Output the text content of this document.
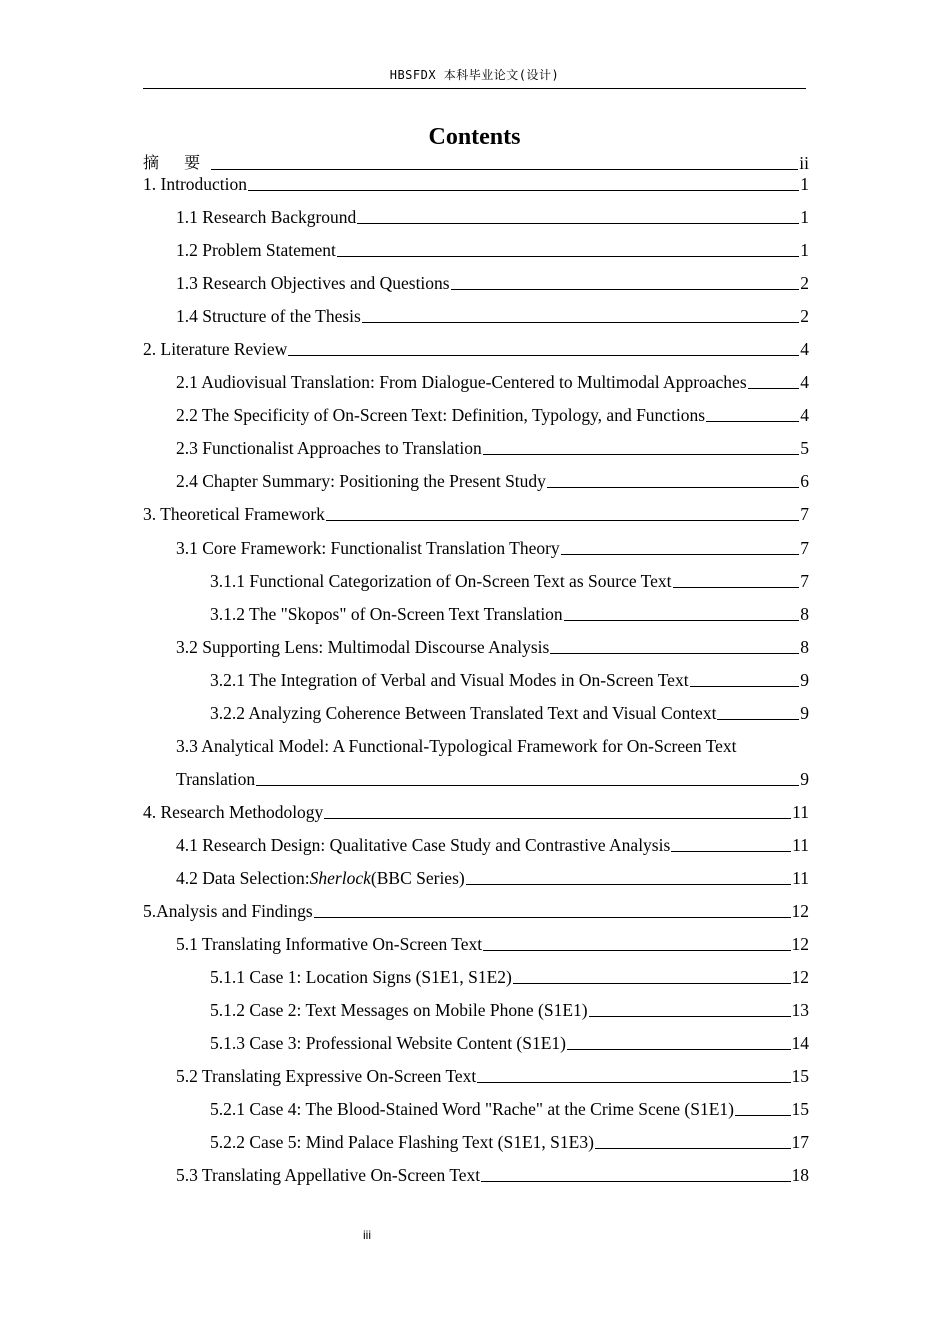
HBSFDX 本科毕业论文(设计)
Contents
摘 要	ii
1. Introduction	1
1.1 Research Background	1
1.2 Problem Statement	1
1.3 Research Objectives and Questions	2
1.4 Structure of the Thesis	2
2. Literature Review	4
2.1 Audiovisual Translation: From Dialogue-Centered to Multimodal Approaches	4
2.2 The Specificity of On-Screen Text: Definition, Typology, and Functions	4
2.3 Functionalist Approaches to Translation	5
2.4 Chapter Summary: Positioning the Present Study	6
3. Theoretical Framework	7
3.1 Core Framework: Functionalist Translation Theory	7
3.1.1 Functional Categorization of On-Screen Text as Source Text	7
3.1.2 The "Skopos" of On-Screen Text Translation	8
3.2 Supporting Lens: Multimodal Discourse Analysis	8
3.2.1 The Integration of Verbal and Visual Modes in On-Screen Text	9
3.2.2 Analyzing Coherence Between Translated Text and Visual Context	9
3.3 Analytical Model: A Functional-Typological Framework for On-Screen Text
Translation	9
4. Research Methodology	11
4.1 Research Design: Qualitative Case Study and Contrastive Analysis	11
4.2 Data Selection:Sherlock(BBC Series)	11
5.Analysis and Findings	12
5.1 Translating Informative On-Screen Text	12
5.1.1 Case 1: Location Signs (S1E1, S1E2)	12
5.1.2 Case 2: Text Messages on Mobile Phone (S1E1)	13
5.1.3 Case 3: Professional Website Content (S1E1)	14
5.2 Translating Expressive On-Screen Text	15
5.2.1 Case 4: The Blood-Stained Word "Rache" at the Crime Scene (S1E1)	15
5.2.2 Case 5: Mind Palace Flashing Text (S1E1, S1E3)	17
5.3 Translating Appellative On-Screen Text	18
iii
